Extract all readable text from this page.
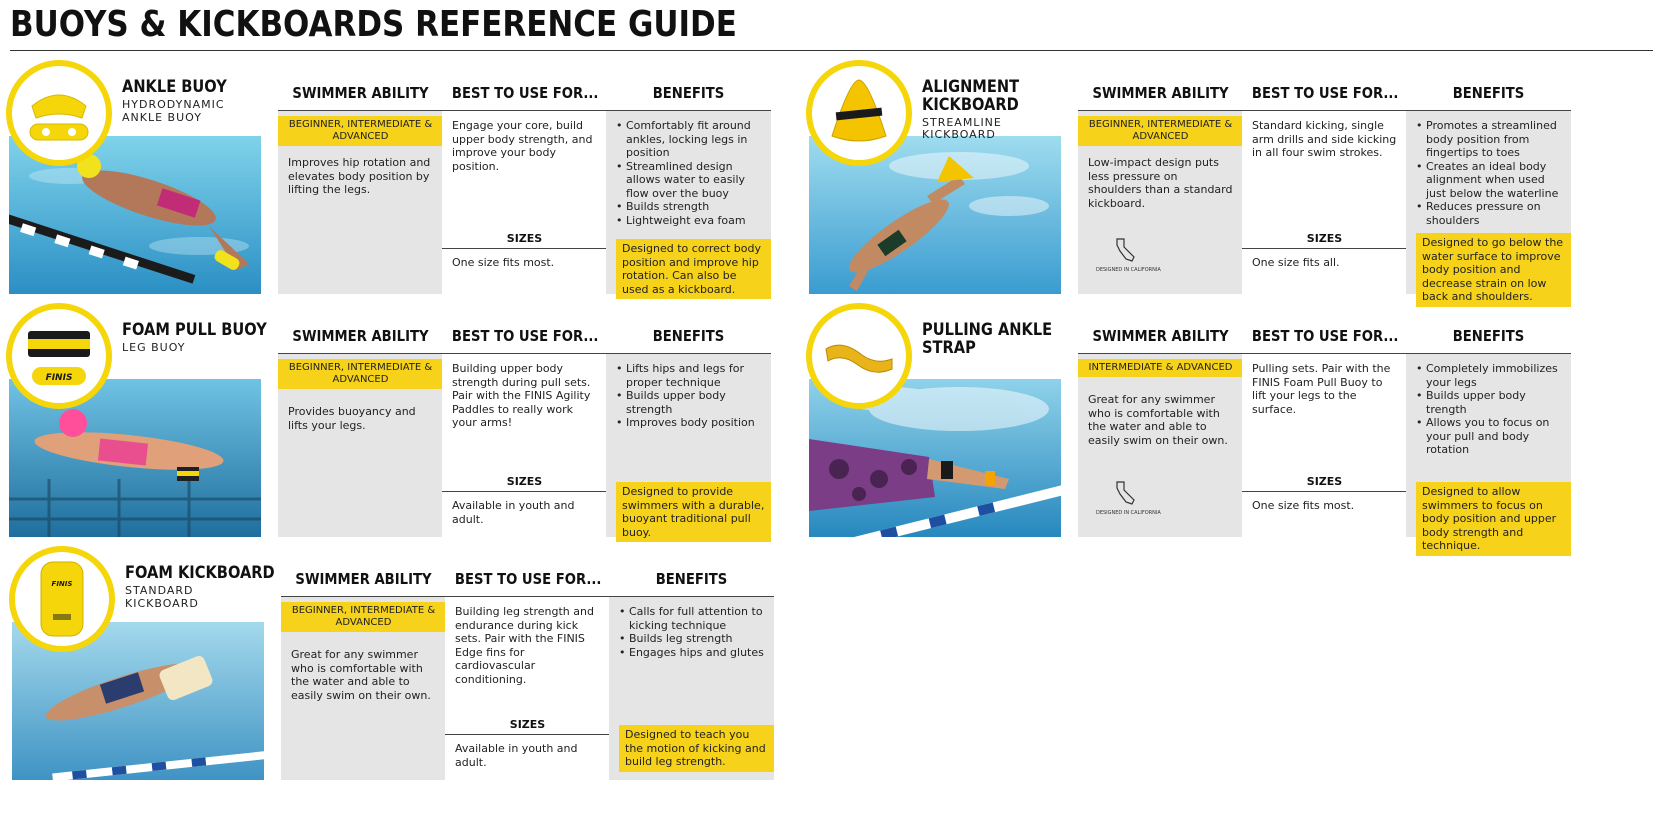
BUOYS & KICKBOARDS REFERENCE GUIDE
ANKLE BUOY
HYDRODYNAMIC
ANKLE BUOY
SWIMMER ABILITY
BEGINNER, INTERMEDIATE & ADVANCED
Improves hip rotation and elevates body position by lifting the legs.
BEST TO USE FOR...
Engage your core, build upper body strength, and improve your body position.
SIZES
One size fits most.
BENEFITS
• Comfortably fit around ankles, locking legs in position
• Streamlined design allows water to easily flow over the buoy
• Builds strength
• Lightweight eva foam
Designed to correct body position and improve hip rotation. Can also be used as a kickboard.
ALIGNMENT
KICKBOARD
STREAMLINE
KICKBOARD
SWIMMER ABILITY
BEGINNER, INTERMEDIATE & ADVANCED
Low-impact design puts less pressure on shoulders than a standard kickboard.
DESIGNED IN CALIFORNIA
BEST TO USE FOR...
Standard kicking, single arm drills and side kicking in all four swim strokes.
SIZES
One size fits all.
BENEFITS
• Promotes a streamlined body position from fingertips to toes
• Creates an ideal body alignment when used just below the waterline
• Reduces pressure on shoulders
Designed to go below the water surface to improve body position and decrease strain on low back and shoulders.
FINIS
FOAM PULL BUOY
LEG BUOY
SWIMMER ABILITY
BEGINNER, INTERMEDIATE & ADVANCED
Provides buoyancy and lifts your legs.
BEST TO USE FOR...
Building upper body strength during pull sets. Pair with the FINIS Agility Paddles to really work your arms!
SIZES
Available in youth and adult.
BENEFITS
• Lifts hips and legs for proper technique
• Builds upper body strength
• Improves body position
Designed to provide swimmers with a durable, buoyant traditional pull buoy.
PULLING ANKLE
STRAP
SWIMMER ABILITY
INTERMEDIATE & ADVANCED
Great for any swimmer who is comfortable with the water and able to easily swim on their own.
DESIGNED IN CALIFORNIA
BEST TO USE FOR...
Pulling sets. Pair with the FINIS Foam Pull Buoy to lift your legs to the surface.
SIZES
One size fits most.
BENEFITS
• Completely immobilizes your legs
• Builds upper body trength
• Allows you to focus on your pull and body rotation
Designed to allow swimmers to focus on body position and upper body strength and technique.
FINIS
FOAM KICKBOARD
STANDARD
KICKBOARD
SWIMMER ABILITY
BEGINNER, INTERMEDIATE & ADVANCED
Great for any swimmer who is comfortable with the water and able to easily swim on their own.
BEST TO USE FOR...
Building leg strength and endurance during kick sets. Pair with the FINIS Edge fins for cardiovascular conditioning.
SIZES
Available in youth and adult.
BENEFITS
• Calls for full attention to kicking technique
• Builds leg strength
• Engages hips and glutes
Designed to teach you the motion of kicking and build leg strength.
